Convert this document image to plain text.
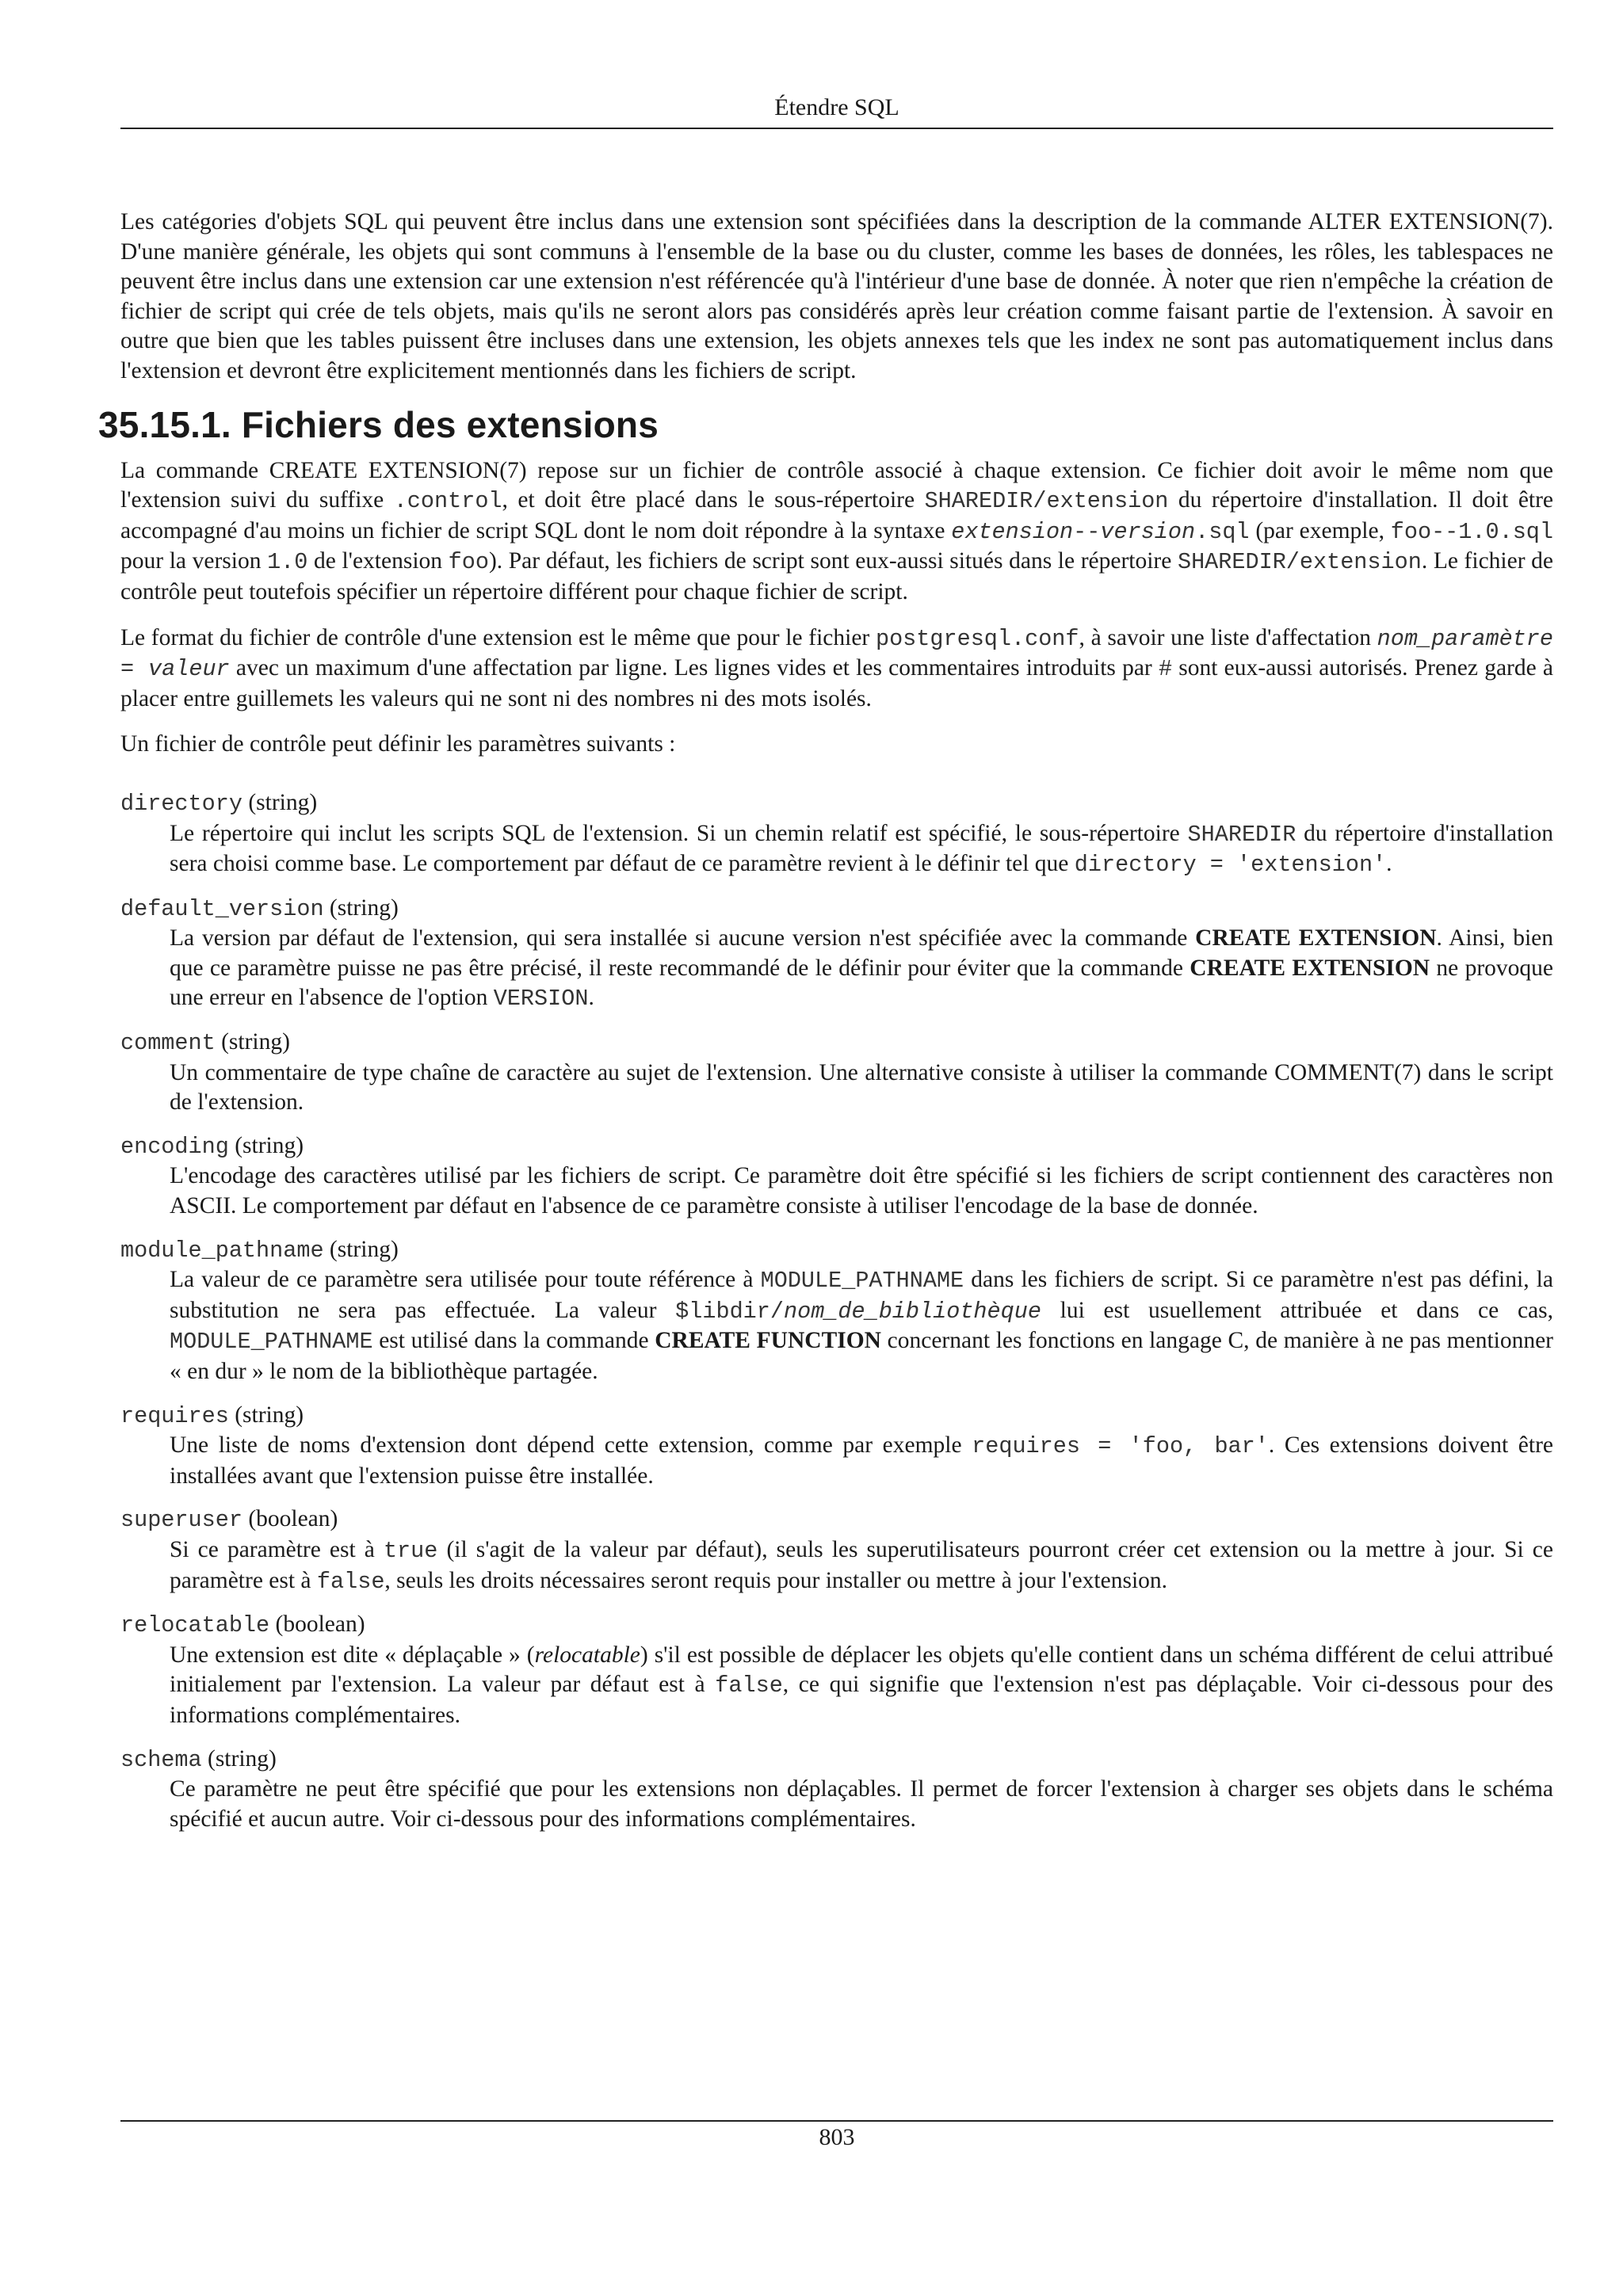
Étendre SQL

Les catégories d'objets SQL qui peuvent être inclus dans une extension sont spécifiées dans la description de la commande ALTER EXTENSION(7). D'une manière générale, les objets qui sont communs à l'ensemble de la base ou du cluster, comme les bases de données, les rôles, les tablespaces ne peuvent être inclus dans une extension car une extension n'est référencée qu'à l'intérieur d'une base de donnée. À noter que rien n'empêche la création de fichier de script qui crée de tels objets, mais qu'ils ne seront alors pas considérés après leur création comme faisant partie de l'extension. À savoir en outre que bien que les tables puissent être incluses dans une extension, les objets annexes tels que les index ne sont pas automatiquement inclus dans l'extension et devront être explicitement mentionnés dans les fichiers de script.

35.15.1. Fichiers des extensions

La commande CREATE EXTENSION(7) repose sur un fichier de contrôle associé à chaque extension. Ce fichier doit avoir le même nom que l'extension suivi du suffixe .control, et doit être placé dans le sous-répertoire SHAREDIR/extension du répertoire d'installation. Il doit être accompagné d'au moins un fichier de script SQL dont le nom doit répondre à la syntaxe extension--version.sql (par exemple, foo--1.0.sql pour la version 1.0 de l'extension foo). Par défaut, les fichiers de script sont eux-aussi situés dans le répertoire SHAREDIR/extension. Le fichier de contrôle peut toutefois spécifier un répertoire différent pour chaque fichier de script.

Le format du fichier de contrôle d'une extension est le même que pour le fichier postgresql.conf, à savoir une liste d'affectation nom_paramètre = valeur avec un maximum d'une affectation par ligne. Les lignes vides et les commentaires introduits par # sont eux-aussi autorisés. Prenez garde à placer entre guillemets les valeurs qui ne sont ni des nombres ni des mots isolés.

Un fichier de contrôle peut définir les paramètres suivants :

directory (string)
Le répertoire qui inclut les scripts SQL de l'extension. Si un chemin relatif est spécifié, le sous-répertoire SHAREDIR du répertoire d'installation sera choisi comme base. Le comportement par défaut de ce paramètre revient à le définir tel que directory = 'extension'.
default_version (string)
La version par défaut de l'extension, qui sera installée si aucune version n'est spécifiée avec la commande CREATE EXTENSION. Ainsi, bien que ce paramètre puisse ne pas être précisé, il reste recommandé de le définir pour éviter que la commande CREATE EXTENSION ne provoque une erreur en l'absence de l'option VERSION.
comment (string)
Un commentaire de type chaîne de caractère au sujet de l'extension. Une alternative consiste à utiliser la commande COMMENT(7) dans le script de l'extension.
encoding (string)
L'encodage des caractères utilisé par les fichiers de script. Ce paramètre doit être spécifié si les fichiers de script contiennent des caractères non ASCII. Le comportement par défaut en l'absence de ce paramètre consiste à utiliser l'encodage de la base de donnée.
module_pathname (string)
La valeur de ce paramètre sera utilisée pour toute référence à MODULE_PATHNAME dans les fichiers de script. Si ce paramètre n'est pas défini, la substitution ne sera pas effectuée. La valeur $libdir/nom_de_bibliothèque lui est usuellement attribuée et dans ce cas, MODULE_PATHNAME est utilisé dans la commande CREATE FUNCTION concernant les fonctions en langage C, de manière à ne pas mentionner « en dur » le nom de la bibliothèque partagée.
requires (string)
Une liste de noms d'extension dont dépend cette extension, comme par exemple requires = 'foo, bar'. Ces extensions doivent être installées avant que l'extension puisse être installée.
superuser (boolean)
Si ce paramètre est à true (il s'agit de la valeur par défaut), seuls les superutilisateurs pourront créer cet extension ou la mettre à jour. Si ce paramètre est à false, seuls les droits nécessaires seront requis pour installer ou mettre à jour l'extension.
relocatable (boolean)
Une extension est dite « déplaçable » (relocatable) s'il est possible de déplacer les objets qu'elle contient dans un schéma différent de celui attribué initialement par l'extension. La valeur par défaut est à false, ce qui signifie que l'extension n'est pas déplaçable. Voir ci-dessous pour des informations complémentaires.
schema (string)
Ce paramètre ne peut être spécifié que pour les extensions non déplaçables. Il permet de forcer l'extension à charger ses objets dans le schéma spécifié et aucun autre. Voir ci-dessous pour des informations complémentaires.
803
